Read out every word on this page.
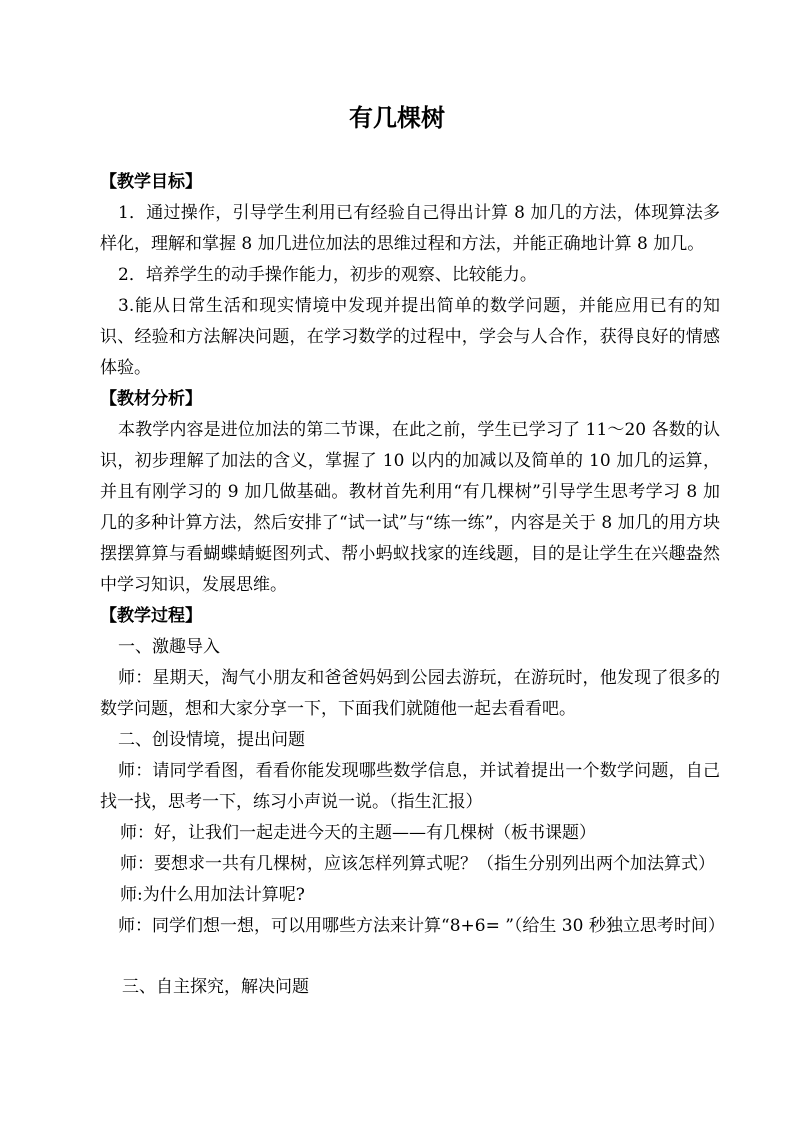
有几棵树
【教学目标】
1．通过操作，引导学生利用已有经验自己得出计算 8 加几的方法，体现算法多样化，理解和掌握 8 加几进位加法的思维过程和方法，并能正确地计算 8 加几。
2．培养学生的动手操作能力，初步的观察、比较能力。
3.能从日常生活和现实情境中发现并提出简单的数学问题，并能应用已有的知识、经验和方法解决问题，在学习数学的过程中，学会与人合作，获得良好的情感体验。
【教材分析】
本教学内容是进位加法的第二节课，在此之前，学生已学习了 11～20 各数的认识，初步理解了加法的含义，掌握了 10 以内的加减以及简单的 10 加几的运算，并且有刚学习的 9 加几做基础。教材首先利用“有几棵树”引导学生思考学习 8 加几的多种计算方法，然后安排了“试一试”与“练一练”，内容是关于 8 加几的用方块摆摆算算与看蝴蝶蜻蜓图列式、帮小蚂蚁找家的连线题，目的是让学生在兴趣盎然中学习知识，发展思维。
【教学过程】
一、激趣导入
师：星期天，淘气小朋友和爸爸妈妈到公园去游玩，在游玩时，他发现了很多的数学问题，想和大家分享一下，下面我们就随他一起去看看吧。
二、创设情境，提出问题
师：请同学看图，看看你能发现哪些数学信息，并试着提出一个数学问题，自己找一找，思考一下，练习小声说一说。（指生汇报）
师：好，让我们一起走进今天的主题——有几棵树（板书课题）
师：要想求一共有几棵树，应该怎样列算式呢？（指生分别列出两个加法算式）
师:为什么用加法计算呢?
师：同学们想一想，可以用哪些方法来计算“8+6= ”（给生 30 秒独立思考时间）
三、自主探究，解决问题
